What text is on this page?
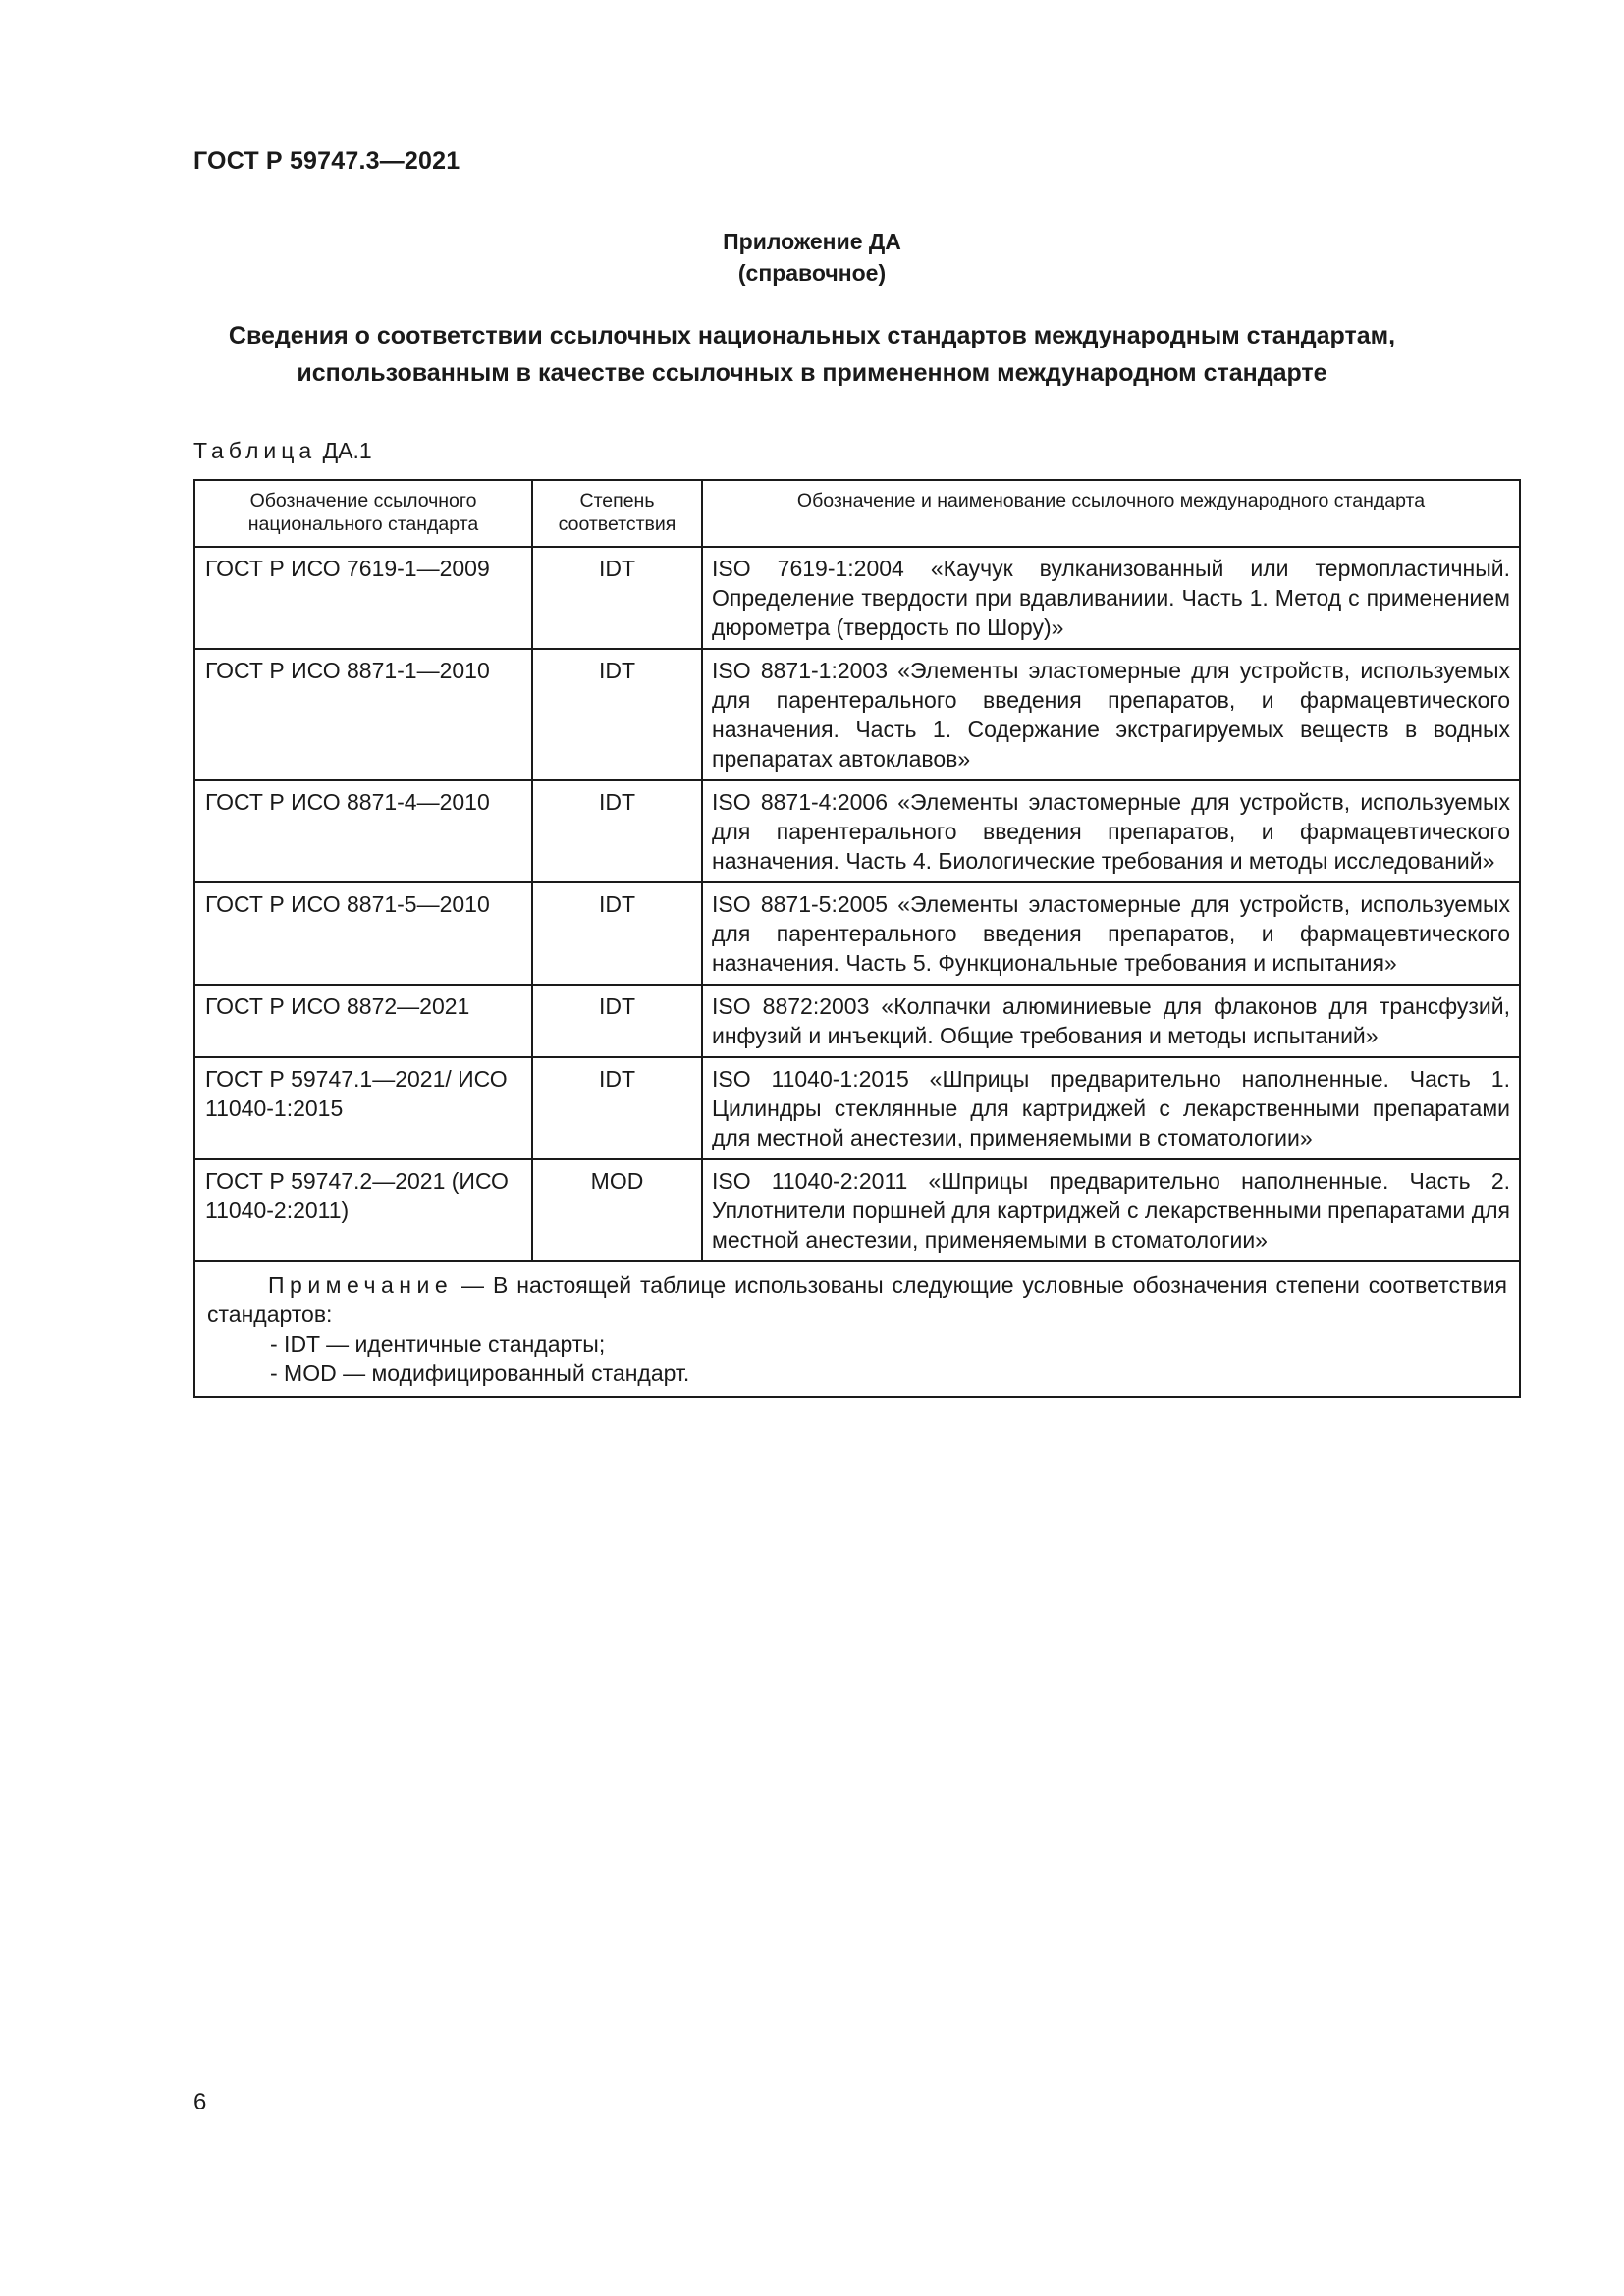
ГОСТ Р 59747.3—2021
Приложение ДА
(справочное)
Сведения о соответствии ссылочных национальных стандартов международным стандартам,
использованным в качестве ссылочных в примененном международном стандарте
Таблица ДА.1
Обозначение ссылочного национального стандарта	Степень соответствия	Обозначение и наименование ссылочного международного стандарта
ГОСТ Р ИСО 7619-1—2009	IDT	ISO 7619-1:2004 «Каучук вулканизованный или термопластичный. Определение твердости при вдавливаниии. Часть 1. Метод с применением дюрометра (твердость по Шору)»
ГОСТ Р ИСО 8871-1—2010	IDT	ISO 8871-1:2003 «Элементы эластомерные для устройств, используемых для парентерального введения препаратов, и фармацевтического назначения. Часть 1. Содержание экстрагируемых веществ в водных препаратах автоклавов»
ГОСТ Р ИСО 8871-4—2010	IDT	ISO 8871-4:2006 «Элементы эластомерные для устройств, используемых для парентерального введения препаратов, и фармацевтического назначения. Часть 4. Биологические требования и методы исследований»
ГОСТ Р ИСО 8871-5—2010	IDT	ISO 8871-5:2005 «Элементы эластомерные для устройств, используемых для парентерального введения препаратов, и фармацевтического назначения. Часть 5. Функциональные требования и испытания»
ГОСТ Р ИСО 8872—2021	IDT	ISO 8872:2003 «Колпачки алюминиевые для флаконов для трансфузий, инфузий и инъекций. Общие требования и методы испытаний»
ГОСТ Р 59747.1—2021/ ИСО 11040-1:2015	IDT	ISO 11040-1:2015 «Шприцы предварительно наполненные. Часть 1. Цилиндры стеклянные для картриджей с лекарственными препаратами для местной анестезии, применяемыми в стоматологии»
ГОСТ Р 59747.2—2021 (ИСО 11040-2:2011)	MOD	ISO 11040-2:2011 «Шприцы предварительно наполненные. Часть 2. Уплотнители поршней для картриджей с лекарственными препаратами для местной анестезии, применяемыми в стоматологии»
Примечание — В настоящей таблице использованы следующие условные обозначения степени соответствия стандартов:
- IDT — идентичные стандарты;
- MOD — модифицированный стандарт.		
6
